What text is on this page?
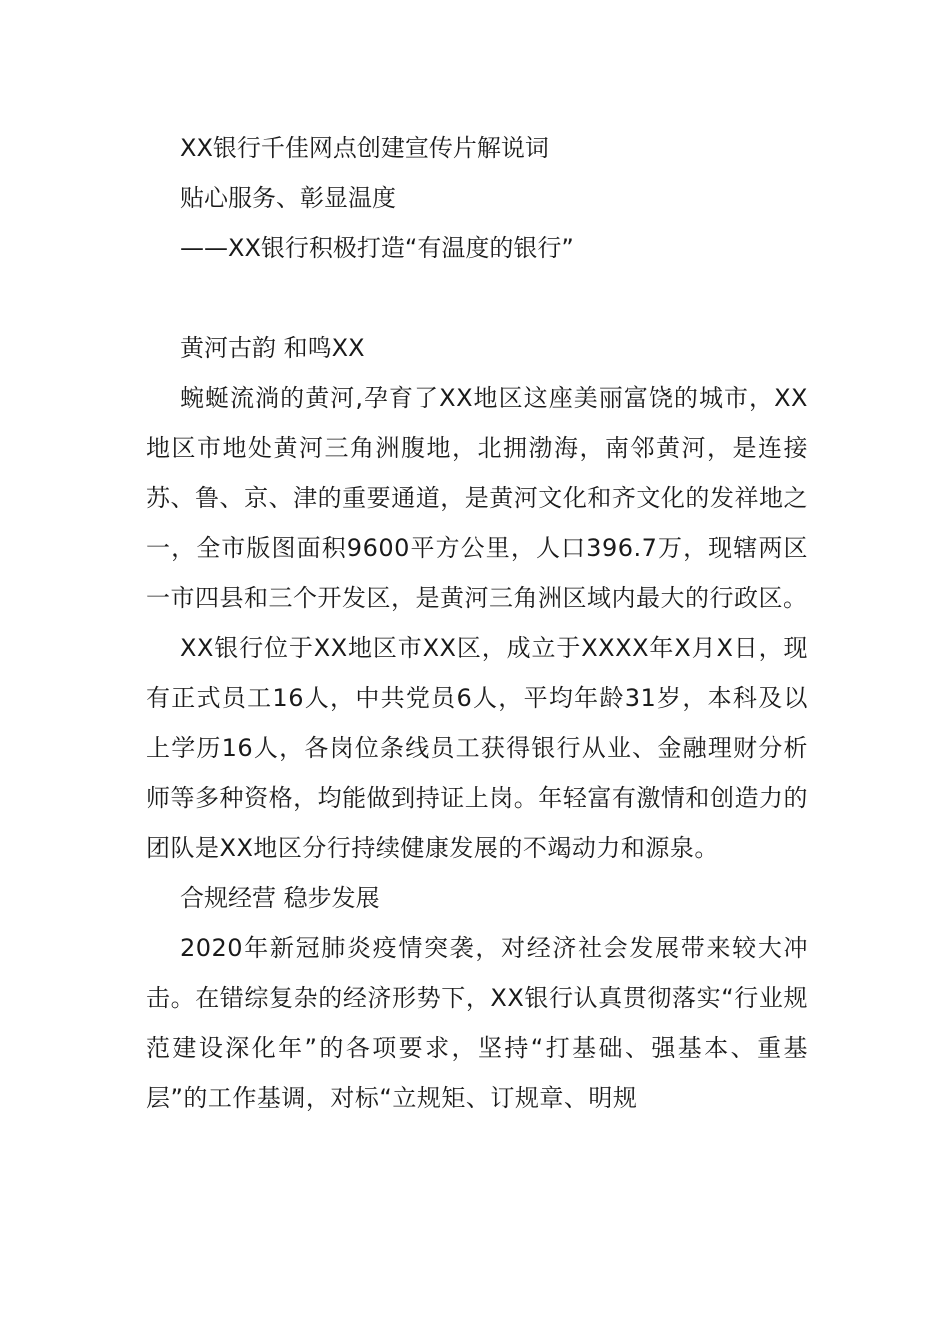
XX银行千佳网点创建宣传片解说词

贴心服务、彰显温度

——XX银行积极打造“有温度的银行”

黄河古韵 和鸣XX

蜿蜒流淌的黄河,孕育了XX地区这座美丽富饶的城市，XX地区市地处黄河三角洲腹地，北拥渤海，南邻黄河，是连接苏、鲁、京、津的重要通道，是黄河文化和齐文化的发祥地之一，全市版图面积9600平方公里，人口396.7万，现辖两区一市四县和三个开发区，是黄河三角洲区域内最大的行政区。

XX银行位于XX地区市XX区，成立于XXXX年X月X日，现有正式员工16人，中共党员6人，平均年龄31岁，本科及以上学历16人，各岗位条线员工获得银行从业、金融理财分析师等多种资格，均能做到持证上岗。年轻富有激情和创造力的团队是XX地区分行持续健康发展的不竭动力和源泉。

合规经营 稳步发展

2020年新冠肺炎疫情突袭，对经济社会发展带来较大冲击。在错综复杂的经济形势下，XX银行认真贯彻落实“行业规范建设深化年”的各项要求，坚持“打基础、强基本、重基层”的工作基调，对标“立规矩、订规章、明规
